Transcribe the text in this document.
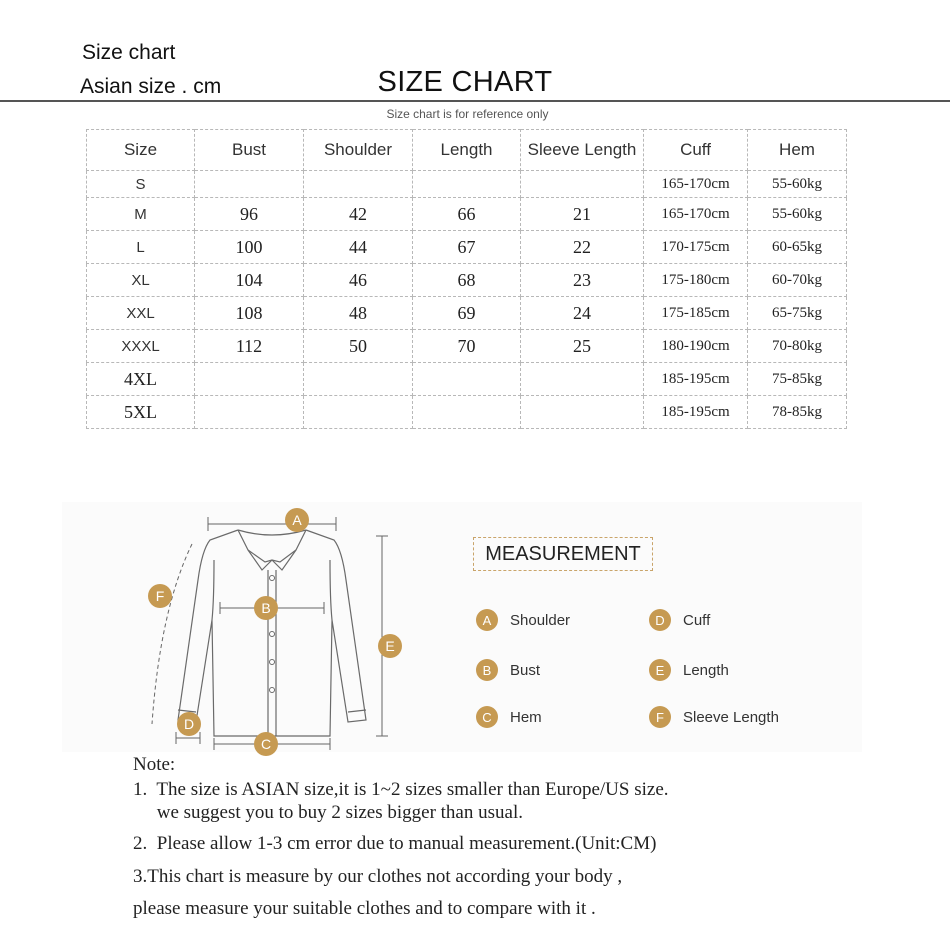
Size chart
Asian size . cm	SIZE CHART
Size chart is for reference only
Size	Bust	Shoulder	Length	Sleeve Length	Cuff	Hem
S					165-170cm	55-60kg
M	96	42	66	21	165-170cm	55-60kg
L	100	44	67	22	170-175cm	60-65kg
XL	104	46	68	23	175-180cm	60-70kg
XXL	108	48	69	24	175-185cm	65-75kg
XXXL	112	50	70	25	180-190cm	70-80kg
4XL					185-195cm	75-85kg
5XL					185-195cm	78-85kg
A
B
C
D
E
F
MEASUREMENT
A	Shoulder
B	Bust
C	Hem
D	Cuff
E	Length
F	Sleeve Length
Note:
1.  The size is ASIAN size,it is 1~2 sizes smaller than Europe/US size.
we suggest you to buy 2 sizes bigger than usual.
2.  Please allow 1-3 cm error due to manual measurement.(Unit:CM)
3.This chart is measure by our clothes not according your body ,
please measure your suitable clothes and to compare with it .
